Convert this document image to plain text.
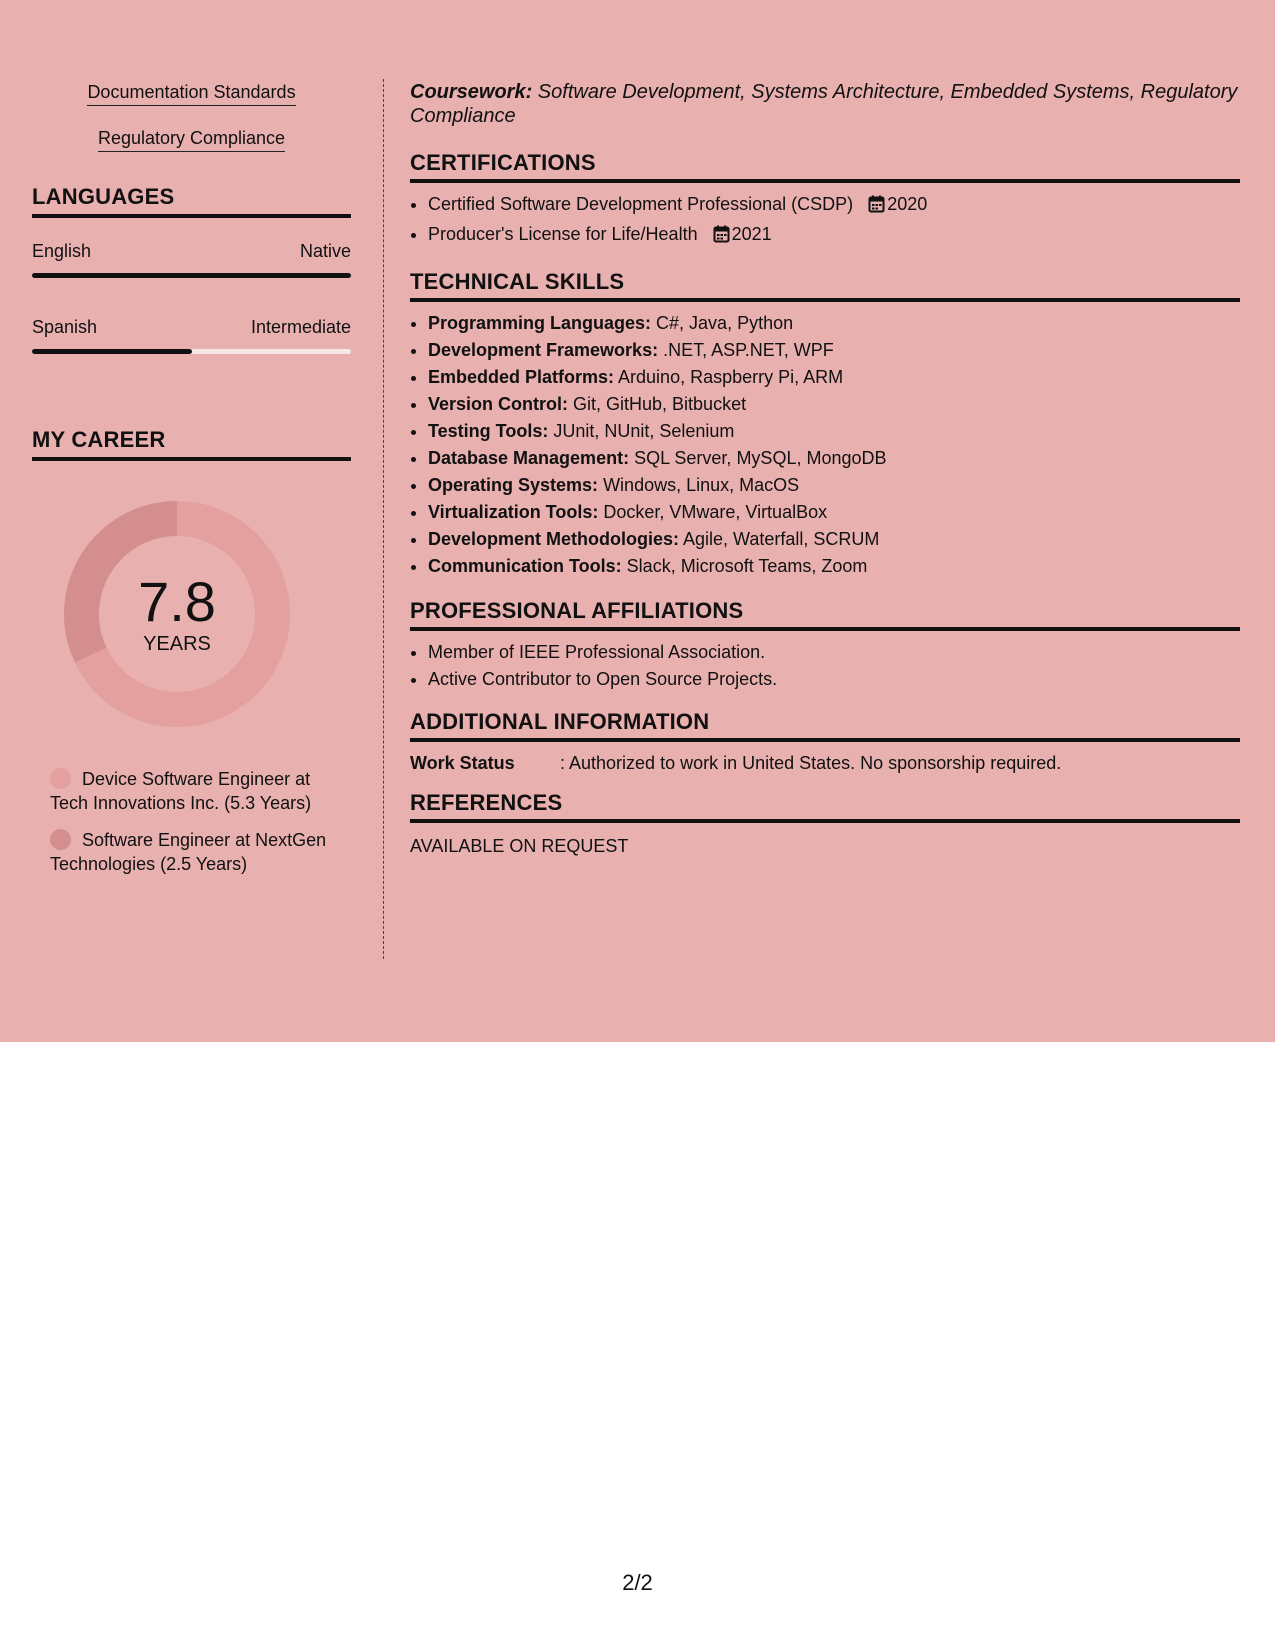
Documentation Standards
Regulatory Compliance
LANGUAGES
English	Native
Spanish	Intermediate
MY CAREER
7.8
YEARS
Device Software Engineer at Tech Innovations Inc. (5.3 Years)
Software Engineer at NextGen Technologies (2.5 Years)

Coursework: Software Development, Systems Architecture, Embedded Systems, Regulatory Compliance

CERTIFICATIONS
• Certified Software Development Professional (CSDP) 2020
• Producer's License for Life/Health 2021
TECHNICAL SKILLS
• Programming Languages: C#, Java, Python
• Development Frameworks: .NET, ASP.NET, WPF
• Embedded Platforms: Arduino, Raspberry Pi, ARM
• Version Control: Git, GitHub, Bitbucket
• Testing Tools: JUnit, NUnit, Selenium
• Database Management: SQL Server, MySQL, MongoDB
• Operating Systems: Windows, Linux, MacOS
• Virtualization Tools: Docker, VMware, VirtualBox
• Development Methodologies: Agile, Waterfall, SCRUM
• Communication Tools: Slack, Microsoft Teams, Zoom
PROFESSIONAL AFFILIATIONS
• Member of IEEE Professional Association.
• Active Contributor to Open Source Projects.
ADDITIONAL INFORMATION
Work Status	: Authorized to work in United States. No sponsorship required.
REFERENCES
AVAILABLE ON REQUEST
2/2
